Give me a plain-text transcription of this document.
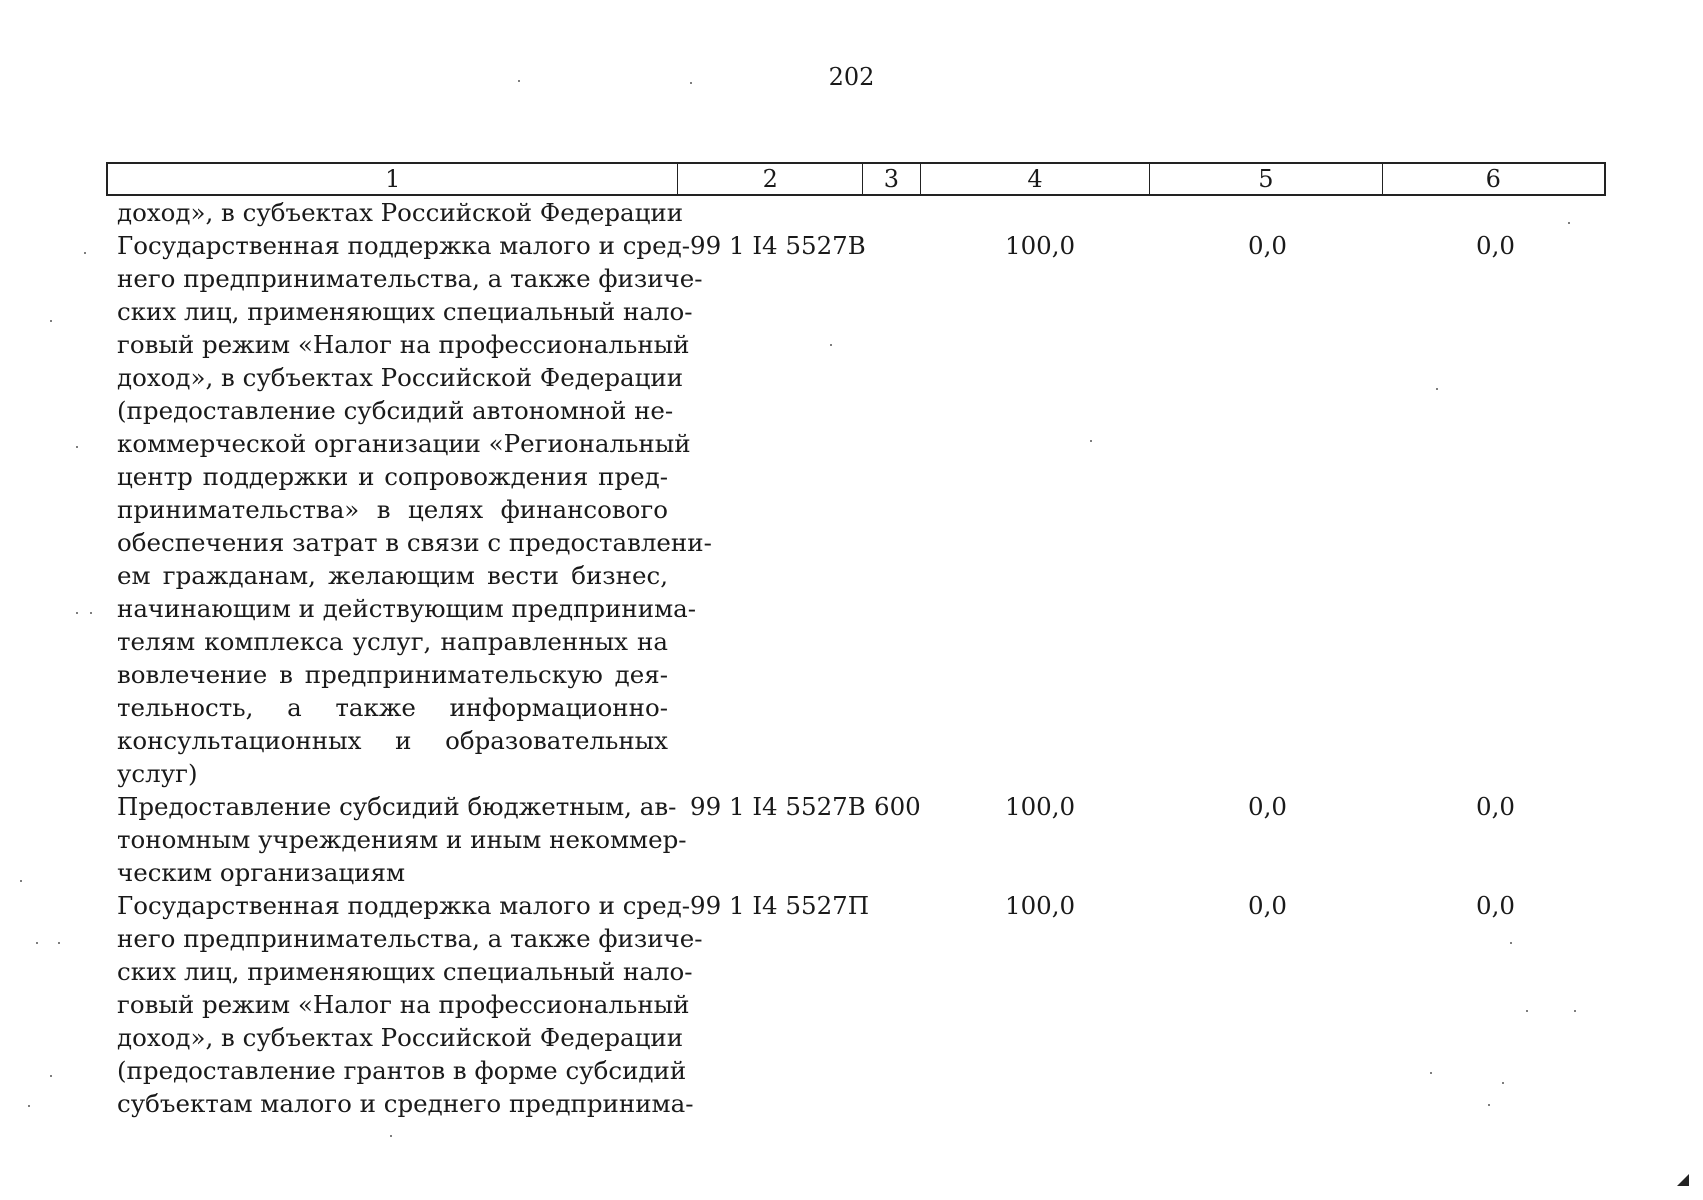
202
1	2	3	4	5	6
доход», в субъектах Российской Федерации
Государственная поддержка малого и сред-
него предпринимательства, а также физиче-
ских лиц, применяющих специальный нало-
говый режим «Налог на профессиональный
доход», в субъектах Российской Федерации
(предоставление субсидий автономной не-
коммерческой организации «Региональный
центр поддержки и сопровождения пред-
принимательства» в целях финансового
обеспечения затрат в связи с предоставлени-
ем гражданам, желающим вести бизнес,
начинающим и действующим предпринима-
телям комплекса услуг, направленных на
вовлечение в предпринимательскую дея-
тельность, а также информационно-
консультационных и образовательных
услуг)
99 1 I4 5527В	100,0	0,0	0,0
Предоставление субсидий бюджетным, ав-
тономным учреждениям и иным некоммер-
ческим организациям
99 1 I4 5527В 600	100,0	0,0	0,0
Государственная поддержка малого и сред-
него предпринимательства, а также физиче-
ских лиц, применяющих специальный нало-
говый режим «Налог на профессиональный
доход», в субъектах Российской Федерации
(предоставление грантов в форме субсидий
субъектам малого и среднего предпринима-
99 1 I4 5527П	100,0	0,0	0,0
